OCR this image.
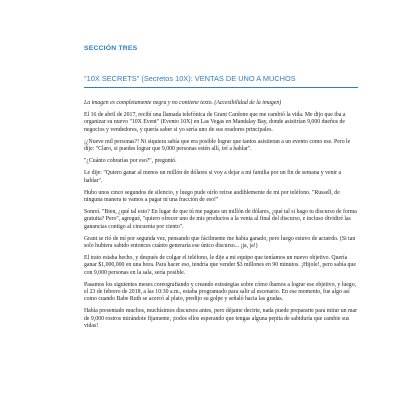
SECCIÓN TRES
"10X SECRETS" (Secretos 10X): VENTAS DE UNO A MUCHOS

La imagen es completamente negra y no contiene texto. (Accesibilidad de la imagen)

El 16 de abril de 2017, recibí una llamada telefónica de Grant Cardone que me cambió la vida. Me dijo que iba a organizar su nuevo "10X Event" (Evento 10X) en Las Vegas en Mandalay Bay, donde asistirían 9,000 dueños de negocios y vendedores, y quería saber si yo sería uno de sus oradores principales.

¡¿Nueve mil personas?! Ni siquiera sabía que era posible lograr que tantos asistieran a un evento como ese. Pero le dije: "Claro, si puedes lograr que 9,000 personas estén allí, iré a hablar".

"¿Cuánto cobrarías por eso?", preguntó.

Le dije: "Quiero ganar al menos un millón de dólares si voy a dejar a mi familia por un fin de semana y venir a hablar".

Hubo unos cinco segundos de silencio, y luego pude oírlo reírse audiblemente de mi por teléfono. "Russell, de ninguna manera te vamos a pagar ni una fracción de eso!"

Sonreí. "Bien, ¿qué tal esto? En lugar de que tú me pagues un millón de dólares, ¿qué tal si hago tu discurso de forma gratuita? Pero", agregué, "quiero ofrecer uno de mis productos a la venta al final del discurso, e incluso dividiré las ganancias contigo al cincuenta por ciento".

Grant se rió de mí por segunda vez, pensando que fácilmente me había ganado, pero luego estuvo de acuerdo. (Si tan solo hubiera sabido entonces cuánto generaría ese único discurso... ¡ja, ja!)

El trato estaba hecho, y después de colgar el teléfono, le dije a mi equipo que teníamos un nuevo objetivo. Quería ganar $1,000,000 en una hora. Para hacer eso, tendría que vender $3 millones en 90 minutos. ¡Hijole!, pero sabía que con 9,000 personas en la sala, sería posible.

Pasamos los siguientes meses coreografiando y creando estrategias sobre cómo íbamos a lograr ese objetivo, y luego, el 23 de febrero de 2018, a las 10:30 a.m., estaba programado para salir al escenario. En ese momento, fue algo así como cuando Babe Ruth se acercó al plato, predijo su golpe y señaló hacia las gradas.

Había presentado muchos, muchísimos discursos antes, pero déjame decirte, nada puede prepararte para mirar un mar de 9,000 rostros mirándote fijamente, ¡todos ellos esperando que tengas alguna pepita de sabiduría que cambie sus vidas!
